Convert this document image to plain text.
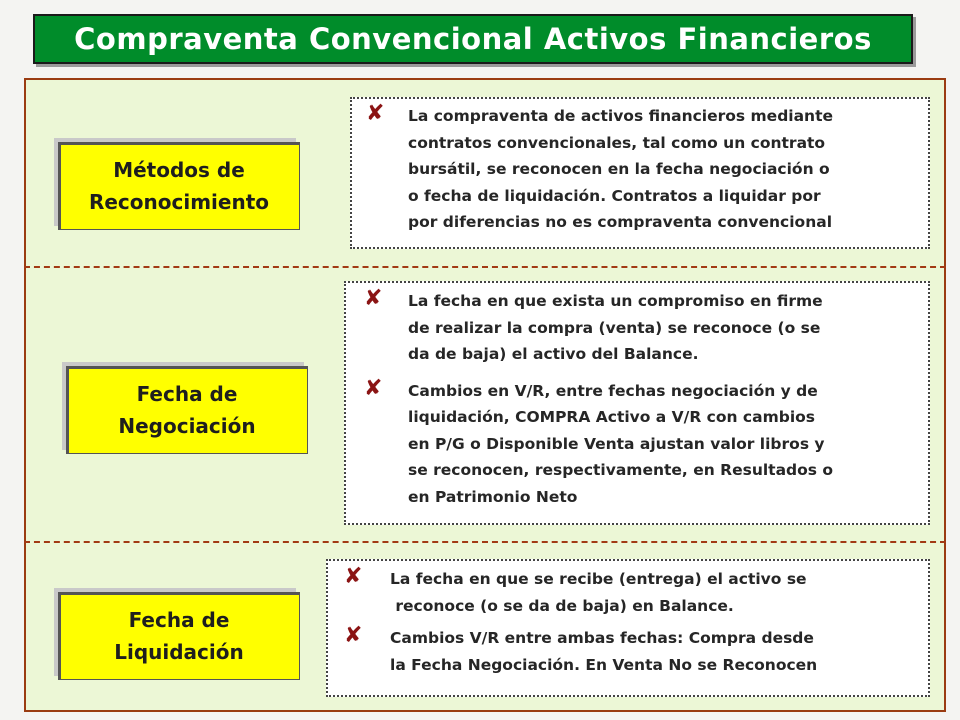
Compraventa Convencional Activos Financieros
Métodos de
Reconocimiento
✘ La compraventa de activos financieros mediante
contratos convencionales, tal como un contrato
bursátil, se reconocen en la fecha negociación o
o fecha de liquidación. Contratos a liquidar por
por diferencias no es compraventa convencional
Fecha de
Negociación
✘ La fecha en que exista un compromiso en firme
de realizar la compra (venta) se reconoce (o se
da de baja) el activo del Balance.
✘ Cambios en V/R, entre fechas negociación y de
liquidación, COMPRA Activo a V/R con cambios
en P/G o Disponible Venta ajustan valor libros y
se reconocen, respectivamente, en Resultados o
en Patrimonio Neto
Fecha de
Liquidación
✘ La fecha en que se recibe (entrega) el activo se
reconoce (o se da de baja) en Balance.
✘ Cambios V/R entre ambas fechas: Compra desde
la Fecha Negociación. En Venta No se Reconocen
